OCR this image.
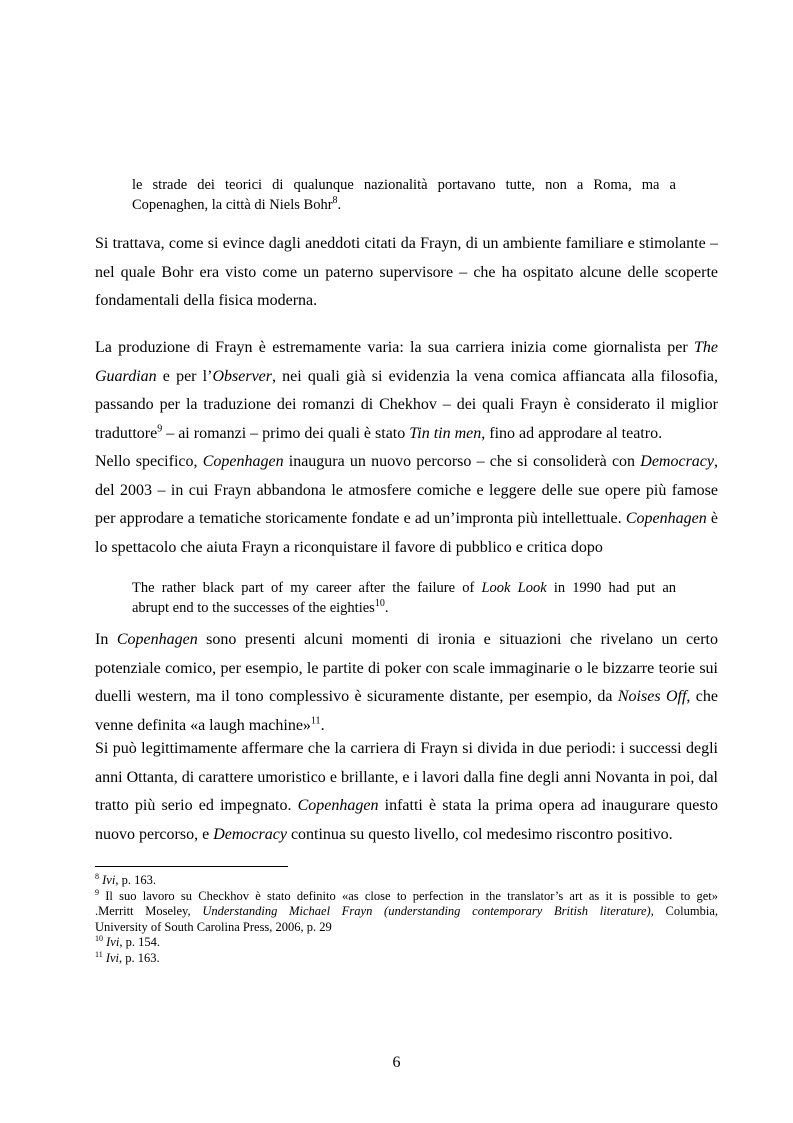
le strade dei teorici di qualunque nazionalità portavano tutte, non a Roma, ma a
Copenaghen, la città di Niels Bohr$^8$.
Si trattava, come si evince dagli aneddoti citati da Frayn, di un ambiente familiare e stimolante –
nel quale Bohr era visto come un paterno supervisore – che ha ospitato alcune delle scoperte
fondamentali della fisica moderna.
La produzione di Frayn è estremamente varia: la sua carriera inizia come giornalista per The
Guardian e per l’Observer, nei quali già si evidenzia la vena comica affiancata alla filosofia,
passando per la traduzione dei romanzi di Chekhov – dei quali Frayn è considerato il miglior
traduttore$^9$ – ai romanzi – primo dei quali è stato Tin tin men, fino ad approdare al teatro.
Nello specifico, Copenhagen inaugura un nuovo percorso – che si consoliderà con Democracy,
del 2003 – in cui Frayn abbandona le atmosfere comiche e leggere delle sue opere più famose
per approdare a tematiche storicamente fondate e ad un’impronta più intellettuale. Copenhagen è
lo spettacolo che aiuta Frayn a riconquistare il favore di pubblico e critica dopo
The rather black part of my career after the failure of Look Look in 1990 had put an
abrupt end to the successes of the eighties$^{10}$.
In Copenhagen sono presenti alcuni momenti di ironia e situazioni che rivelano un certo
potenziale comico, per esempio, le partite di poker con scale immaginarie o le bizzarre teorie sui
duelli western, ma il tono complessivo è sicuramente distante, per esempio, da Noises Off, che
venne definita «a laugh machine»$^{11}$.
Si può legittimamente affermare che la carriera di Frayn si divida in due periodi: i successi degli
anni Ottanta, di carattere umoristico e brillante, e i lavori dalla fine degli anni Novanta in poi, dal
tratto più serio ed impegnato. Copenhagen infatti è stata la prima opera ad inaugurare questo
nuovo percorso, e Democracy continua su questo livello, col medesimo riscontro positivo.
$^8$ Ivi, p. 163.
$^9$ Il suo lavoro su Checkhov è stato definito «as close to perfection in the translator’s art as it is possible to get»
.Merritt Moseley, Understanding Michael Frayn (understanding contemporary British literature), Columbia,
University of South Carolina Press, 2006, p. 29
$^{10}$ Ivi, p. 154.
$^{11}$ Ivi, p. 163.
6
